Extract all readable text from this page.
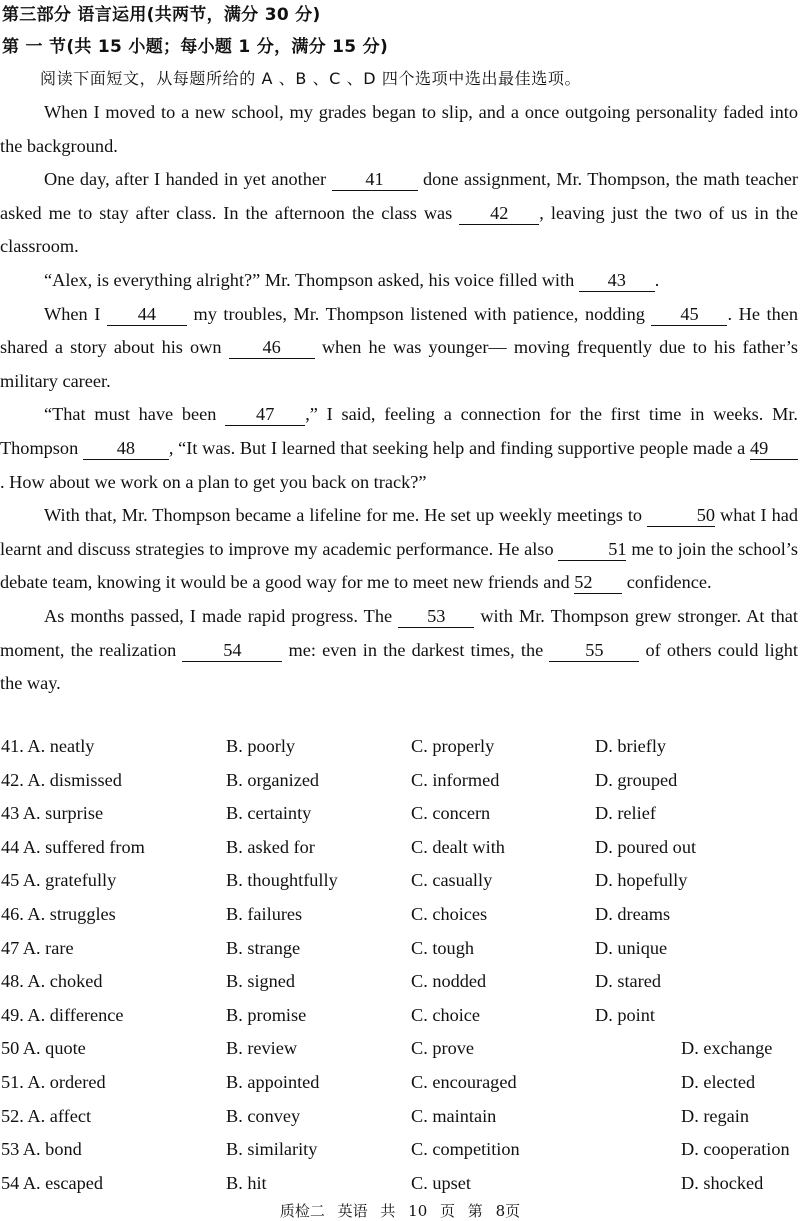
第三部分 语言运用(共两节，满分 30 分)
第 一 节(共 15 小题；每小题 1 分，满分 15 分)
阅读下面短文，从每题所给的 A 、B 、C 、D 四个选项中选出最佳选项。

When I moved to a new school, my grades began to slip, and a once outgoing personality faded into the background.

One day, after I handed in yet another 41 done assignment, Mr. Thompson, the math teacher asked me to stay after class. In the afternoon the class was 42 , leaving just the two of us in the classroom.

“Alex, is everything alright?” Mr. Thompson asked, his voice filled with 43 .

When I 44 my troubles, Mr. Thompson listened with patience, nodding 45 . He then shared a story about his own 46 when he was younger— moving frequently due to his father’s military career.

“That must have been 47 ,” I said, feeling a connection for the first time in weeks. Mr. Thompson 48 , “It was. But I learned that seeking help and finding supportive people made a 49. How about we work on a plan to get you back on track?”

With that, Mr. Thompson became a lifeline for me. He set up weekly meetings to	50 what I had learnt and discuss strategies to improve my academic performance. He also	51 me to join the school’s debate team, knowing it would be a good way for me to meet new friends and 52 confidence.

As months passed, I made rapid progress. The 53 with Mr. Thompson grew stronger. At that moment, the realization 54 me: even in the darkest times, the 55 of others could light the way.

41. A. neatly	B. poorly	C. properly	D. briefly
42. A. dismissed	B. organized	C. informed	D. grouped
43 A. surprise	B. certainty	C. concern	D. relief
44 A. suffered from	B. asked for	C. dealt with	D. poured out
45 A. gratefully	B. thoughtfully	C. casually	D. hopefully
46. A. struggles	B. failures	C. choices	D. dreams
47 A. rare	B. strange	C. tough	D. unique
48. A. choked	B. signed	C. nodded	D. stared
49. A. difference	B. promise	C. choice	D. point
50 A. quote	B. review	C. prove	D. exchange
51. A. ordered	B. appointed	C. encouraged	D. elected
52. A. affect	B. convey	C. maintain	D. regain
53 A. bond	B. similarity	C. competition	D. cooperation
54 A. escaped	B. hit	C. upset	D. shocked
质检二 英语 共 10 页 第 8页
